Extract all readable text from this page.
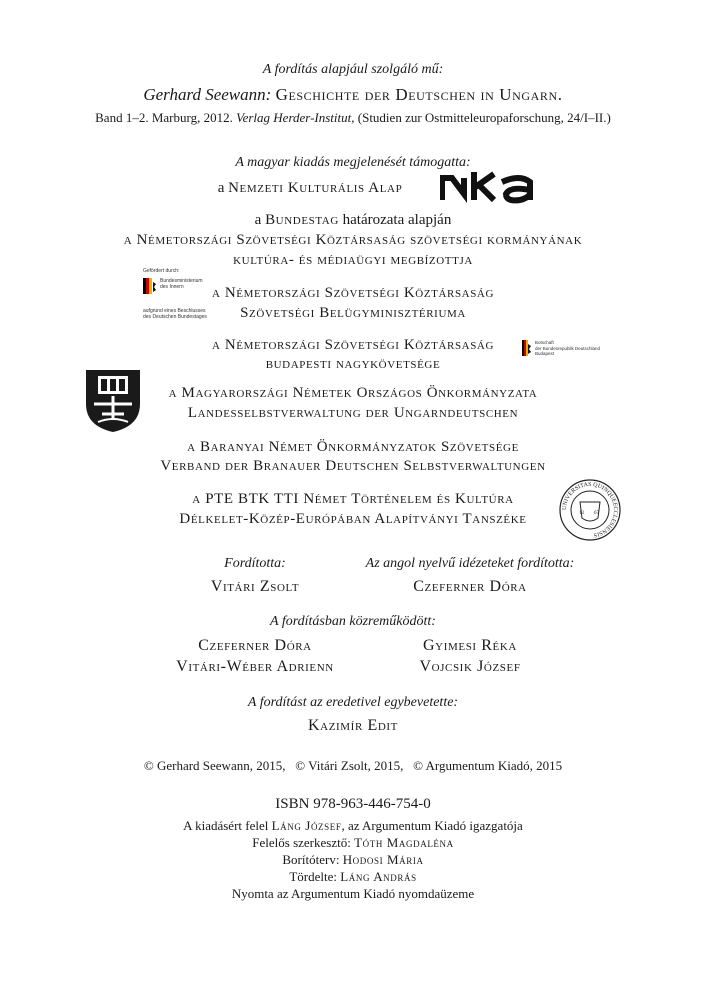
A fordítás alapjául szolgáló mű:
Gerhard Seewann: Geschichte der Deutschen in Ungarn.
Band 1–2. Marburg, 2012. Verlag Herder-Institut, (Studien zur Ostmitteleuropaforschung, 24/I–II.)
A magyar kiadás megjelenését támogatta:
a Nemzeti Kulturális Alap
a Bundestag határozata alapján
a Németországi Szövetségi Köztársaság szövetségi kormányának
kultúra- és médiaügyi megbízottja
Gefördert durch:
Bundesministerium
des Innern
aufgrund eines Beschlusses
des Deutschen Bundestages
a Németországi Szövetségi Köztársaság
Szövetségi Belügyminisztériuma
a Németországi Szövetségi Köztársaság
budapesti nagykövetsége
Botschaft
der Bundesrepublik Deutschland
Budapest
a Magyarországi Németek Országos Önkormányzata
Landesselbstverwaltung der Ungarndeutschen
a Baranyai Német Önkormányzatok Szövetsége
Verband der Branauer Deutschen Selbstverwaltungen
a PTE BTK TTI Német Történelem és Kultúra
Délkelet-Közép-Európában Alapítványi Tanszéke
UNIVERSITAS QUINQUEECCLESIENSIS
13 67
Fordította:	Az angol nyelvű idézeteket fordította:
Vitári Zsolt	Czeferner Dóra
A fordításban közreműködött:
Czeferner Dóra
Vitári-Wéber Adrienn
Gyimesi Réka
Vojcsik József
A fordítást az eredetivel egybevetette:
Kazimír Edit
© Gerhard Seewann, 2015,   © Vitári Zsolt, 2015,   © Argumentum Kiadó, 2015
ISBN 978-963-446-754-0
A kiadásért felel Láng József, az Argumentum Kiadó igazgatója
Felelős szerkesztő: Tóth Magdaléna
Borítóterv: Hodosi Mária
Tördelte: Láng András
Nyomta az Argumentum Kiadó nyomdaüzeme
